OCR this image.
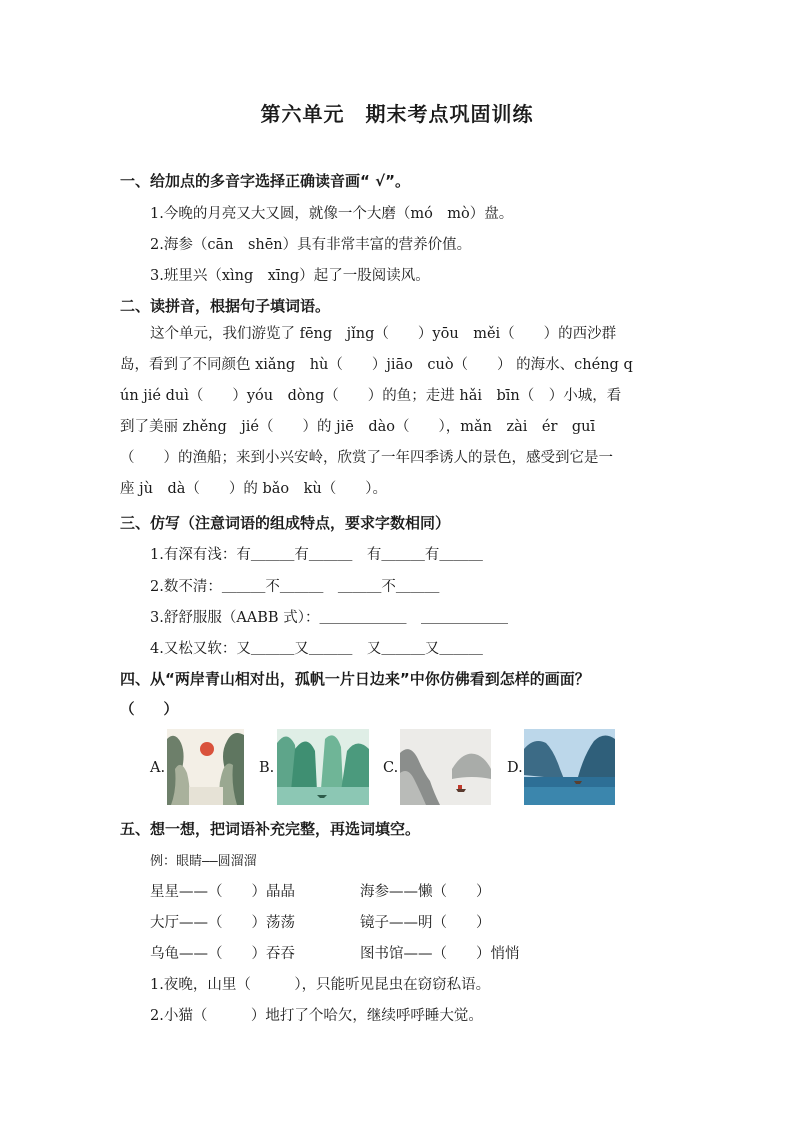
第六单元　期末考点巩固训练
一、给加点的多音字选择正确读音画“ √”。
1.今晚的月亮又大又圆，就像一个大磨（mó　mò）盘。
2.海参（cān　shēn）具有非常丰富的营养价值。
3.班里兴（xìng　xīng）起了一股阅读风。
二、读拼音，根据句子填词语。

这个单元，我们游览了 fēng　jǐng（　　）yōu　měi（　　）的西沙群

岛，看到了不同颜色 xiǎng　hù（　　）jiāo　cuò（　　） 的海水、chéng q

ún jié duì（　　）yóu　dòng（　　）的鱼；走进 hǎi　bīn（　）小城，看

到了美丽 zhěng　jié（　　）的 jiē　dào（　　），mǎn　zài　ér　guī

（　　）的渔船；来到小兴安岭，欣赏了一年四季诱人的景色，感受到它是一

座 jù　dà（　　）的 bǎo　kù（　　）。

三、仿写（注意词语的组成特点，要求字数相同）
1.有深有浅：有＿＿＿有＿＿＿　有＿＿＿有＿＿＿
2.数不清：＿＿＿不＿＿＿　＿＿＿不＿＿＿
3.舒舒服服（AABB 式）：＿＿＿＿＿＿　＿＿＿＿＿＿
4.又松又软：又＿＿＿又＿＿＿　又＿＿＿又＿＿＿
四、从“两岸青山相对出，孤帆一片日边来”中你仿佛看到怎样的画面？
（　　）
A.	B.	C.	D.
五、想一想，把词语补充完整，再选词填空。
例：眼睛——圆溜溜
星星——（　　）晶晶	海参——懒（　　）
大厅——（　　）荡荡	镜子——明（　　）
乌龟——（　　）吞吞	图书馆——（　　）悄悄
1.夜晚，山里（　　　），只能听见昆虫在窃窃私语。
2.小猫（　　　）地打了个哈欠，继续呼呼睡大觉。
